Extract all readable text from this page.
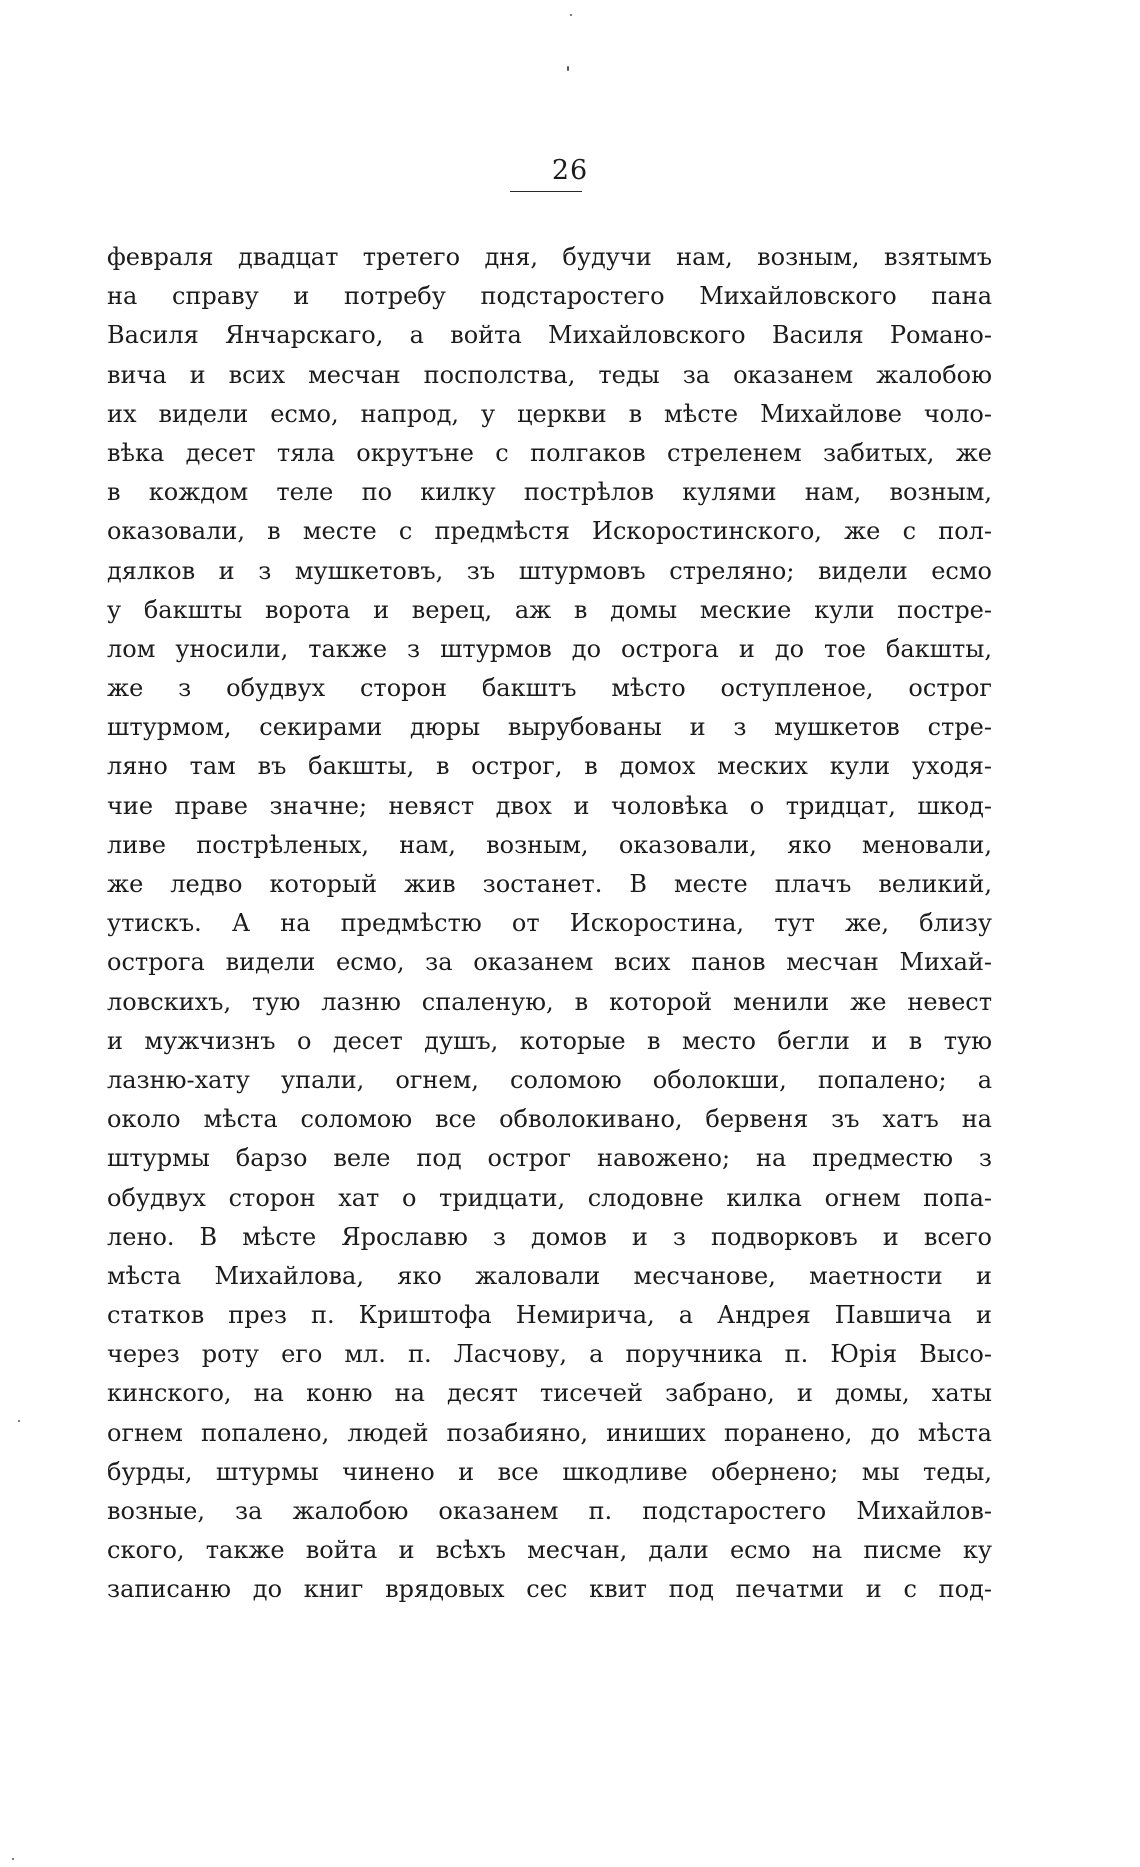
26
февраля двадцат третего дня, будучи нам, возным, взятымъ
на справу и потребу подстаростего Михайловского пана
Василя Янчарскаго, а войта Михайловского Василя Романо-
вича и всих месчан посполства, теды за оказанем жалобою
их видели есмо, напрод, у церкви в мѣсте Михайлове чоло-
вѣка десет тяла окрутъне с полгаков стреленем забитых, же
в кождом теле по килку пострѣлов кулями нам, возным,
оказовали, в месте с предмѣстя Искоростинского, же с пол-
дялков и з мушкетовъ, зъ штурмовъ стреляно; видели есмо
у бакшты ворота и верец, аж в домы меские кули постре-
лом уносили, также з штурмов до острога и до тое бакшты,
же з обудвух сторон бакштъ мѣсто оступленое, острог
штурмом, секирами дюры вырубованы и з мушкетов стре-
ляно там въ бакшты, в острог, в домох меских кули уходя-
чие праве значне; невяст двох и чоловѣка о тридцат, шкод-
ливе пострѣленых, нам, возным, оказовали, яко меновали,
же ледво который жив зостанет. В месте плачъ великий,
утискъ. А на предмѣстю от Искоростина, тут же, близу
острога видели есмо, за оказанем всих панов месчан Михай-
ловскихъ, тую лазню спаленую, в которой менили же невест
и мужчизнъ о десет душъ, которые в место бегли и в тую
лазню-хату упали, огнем, соломою оболокши, попалено; а
около мѣста соломою все обволокивано, бервеня зъ хатъ на
штурмы барзо веле под острог навожено; на предместю з
обудвух сторон хат о тридцати, слодовне килка огнем попа-
лено. В мѣсте Ярославю з домов и з подворковъ и всего
мѣста Михайлова, яко жаловали месчанове, маетности и
статков през п. Криштофа Немирича, а Андрея Павшича и
через роту его мл. п. Ласчову, а поручника п. Юрія Высо-
кинского, на коню на десят тисечей забрано, и домы, хаты
огнем попалено, людей позабияно, иниших поранено, до мѣста
бурды, штурмы чинено и все шкодливе обернено; мы теды,
возные, за жалобою оказанем п. подстаростего Михайлов-
ского, также войта и всѣхъ месчан, дали есмо на писме ку
записаню до книг врядовых сес квит под печатми и с под-
